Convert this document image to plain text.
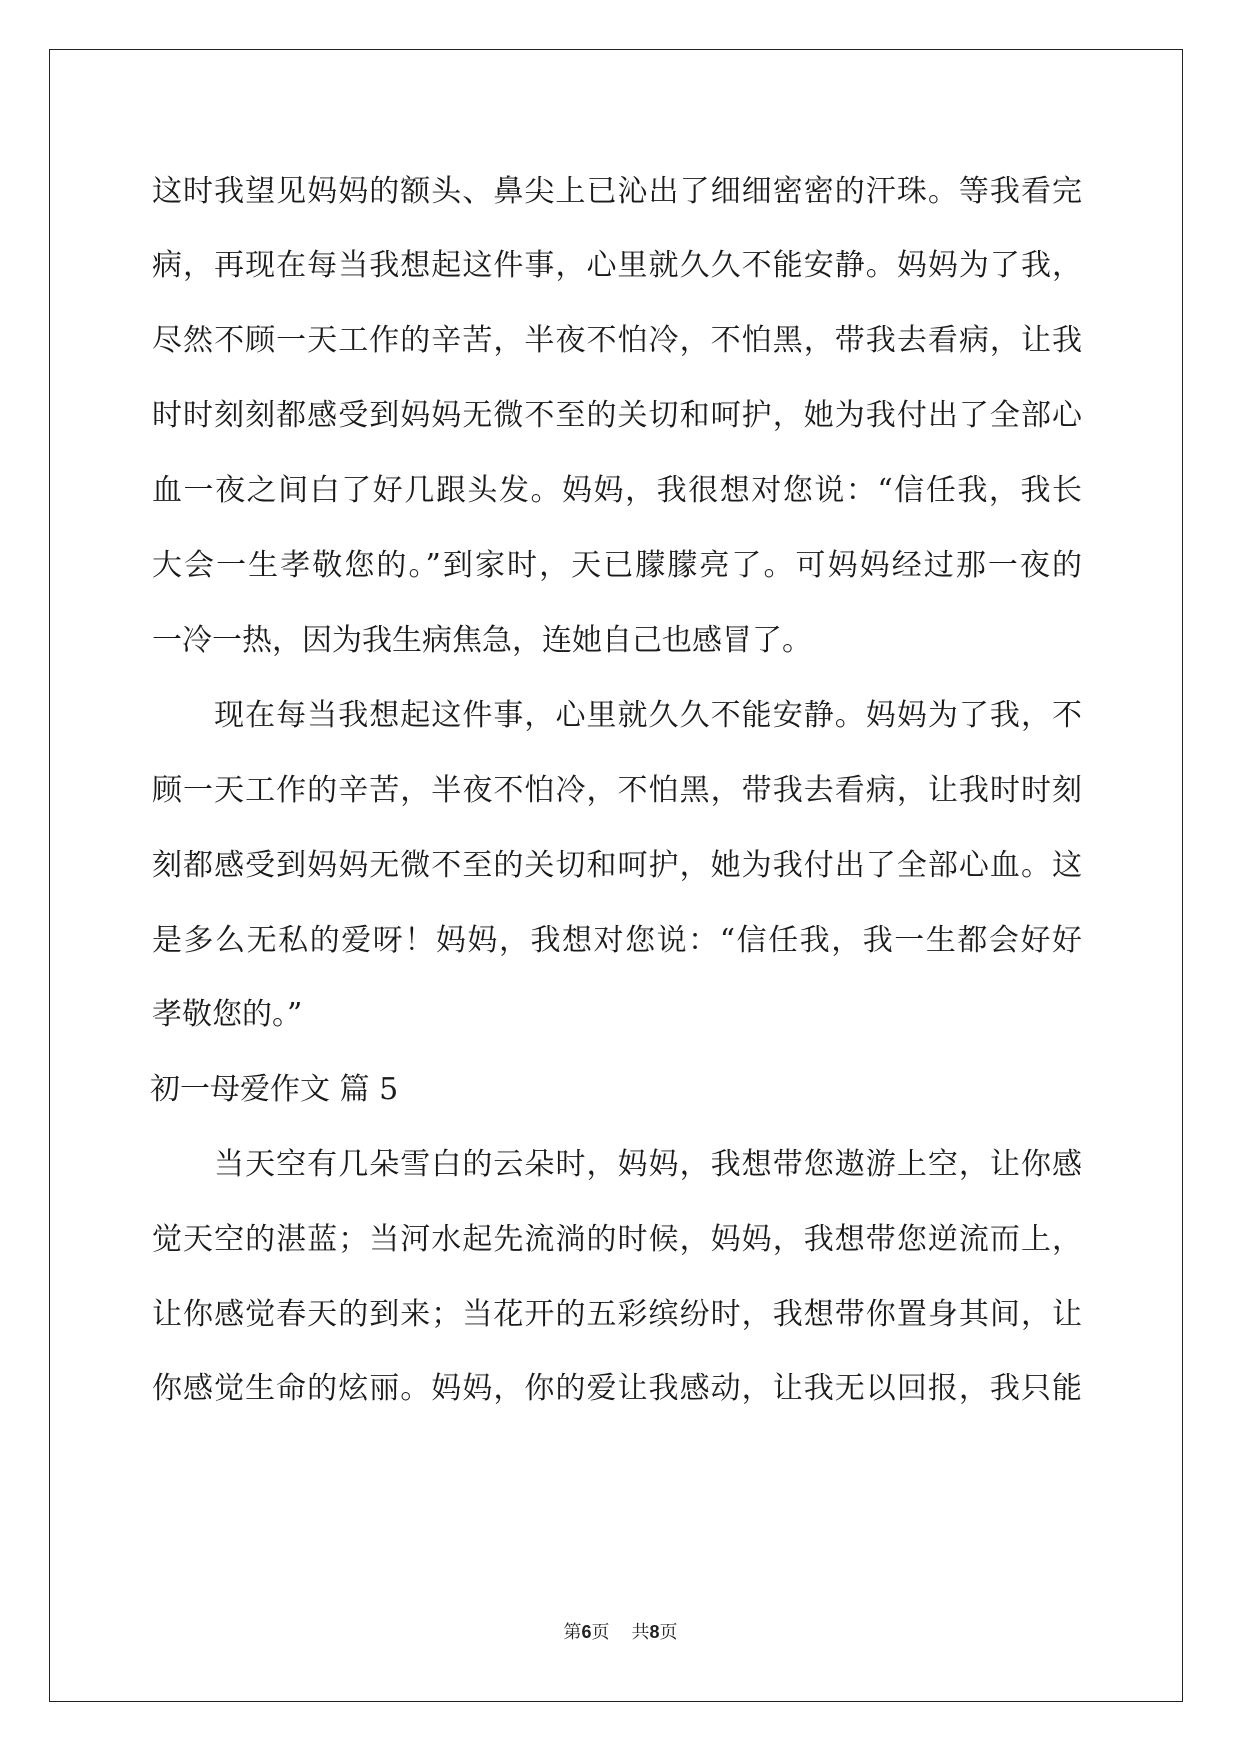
这时我望见妈妈的额头、鼻尖上已沁出了细细密密的汗珠。等我看完
病，再现在每当我想起这件事，心里就久久不能安静。妈妈为了我，
尽然不顾一天工作的辛苦，半夜不怕冷，不怕黑，带我去看病，让我
时时刻刻都感受到妈妈无微不至的关切和呵护，她为我付出了全部心
血一夜之间白了好几跟头发。妈妈，我很想对您说：“信任我，我长
大会一生孝敬您的。”到家时，天已朦朦亮了。可妈妈经过那一夜的
一冷一热，因为我生病焦急，连她自己也感冒了。
　　现在每当我想起这件事，心里就久久不能安静。妈妈为了我，不
顾一天工作的辛苦，半夜不怕冷，不怕黑，带我去看病，让我时时刻
刻都感受到妈妈无微不至的关切和呵护，她为我付出了全部心血。这
是多么无私的爱呀！妈妈，我想对您说：“信任我，我一生都会好好
孝敬您的。”
初一母爱作文 篇 5
　　当天空有几朵雪白的云朵时，妈妈，我想带您遨游上空，让你感
觉天空的湛蓝；当河水起先流淌的时候，妈妈，我想带您逆流而上，
让你感觉春天的到来；当花开的五彩缤纷时，我想带你置身其间，让
你感觉生命的炫丽。妈妈，你的爱让我感动，让我无以回报，我只能
第6页 共8页
